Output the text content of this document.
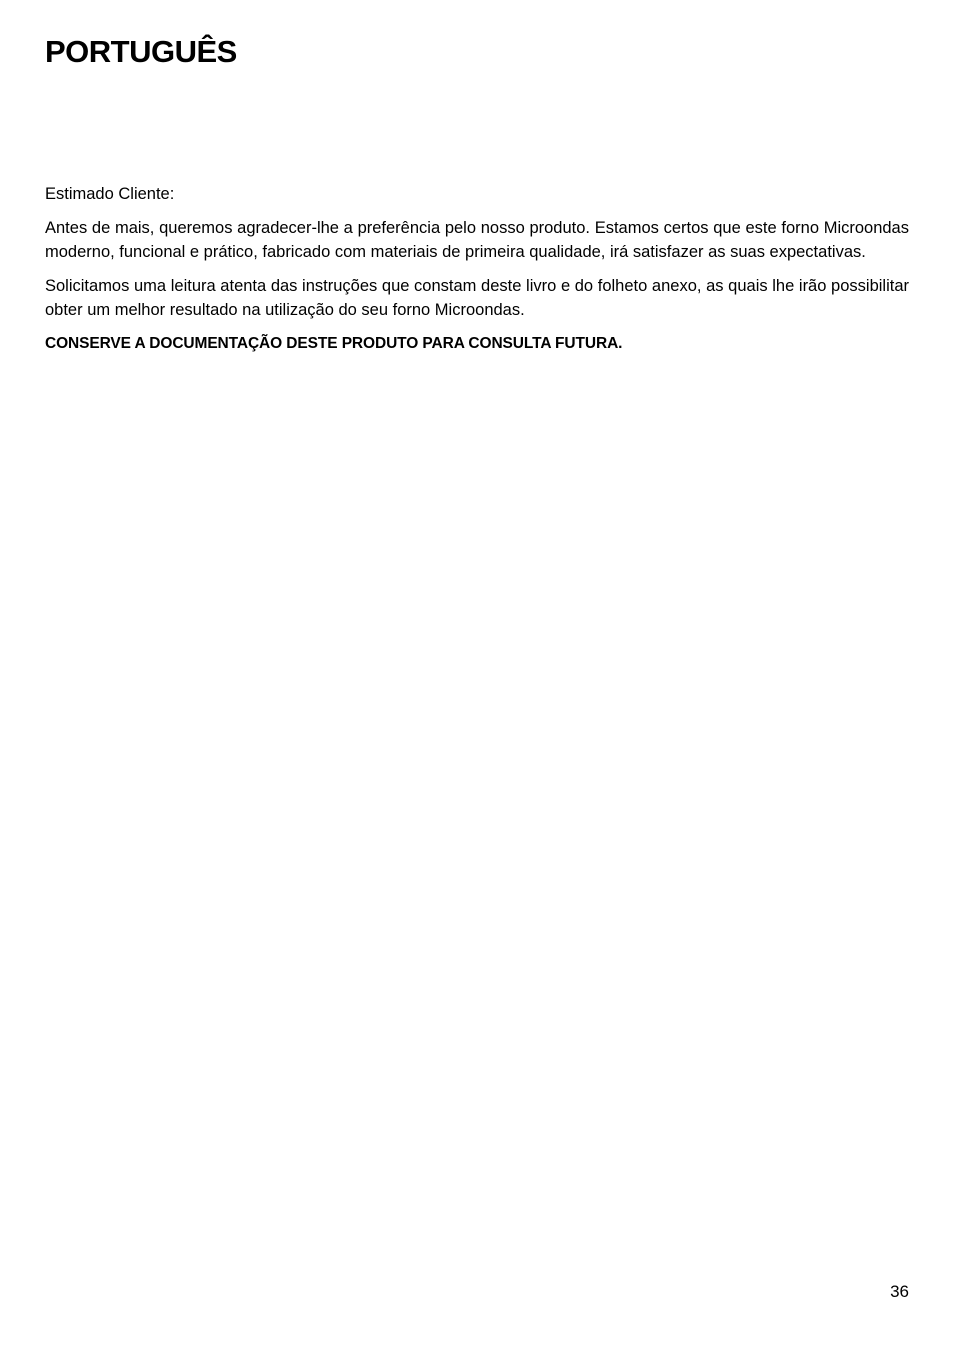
PORTUGUÊS

Estimado Cliente:

Antes de mais, queremos agradecer-lhe a preferência pelo nosso produto. Estamos certos que este forno Microondas moderno, funcional e prático, fabricado com materiais de primeira qualidade, irá satisfazer as suas expectativas.

Solicitamos uma leitura atenta das instruções que constam deste livro e do folheto anexo, as quais lhe irão possibilitar obter um melhor resultado na utilização do seu forno Microondas.

CONSERVE A DOCUMENTAÇÃO DESTE PRODUTO PARA CONSULTA FUTURA.

36
